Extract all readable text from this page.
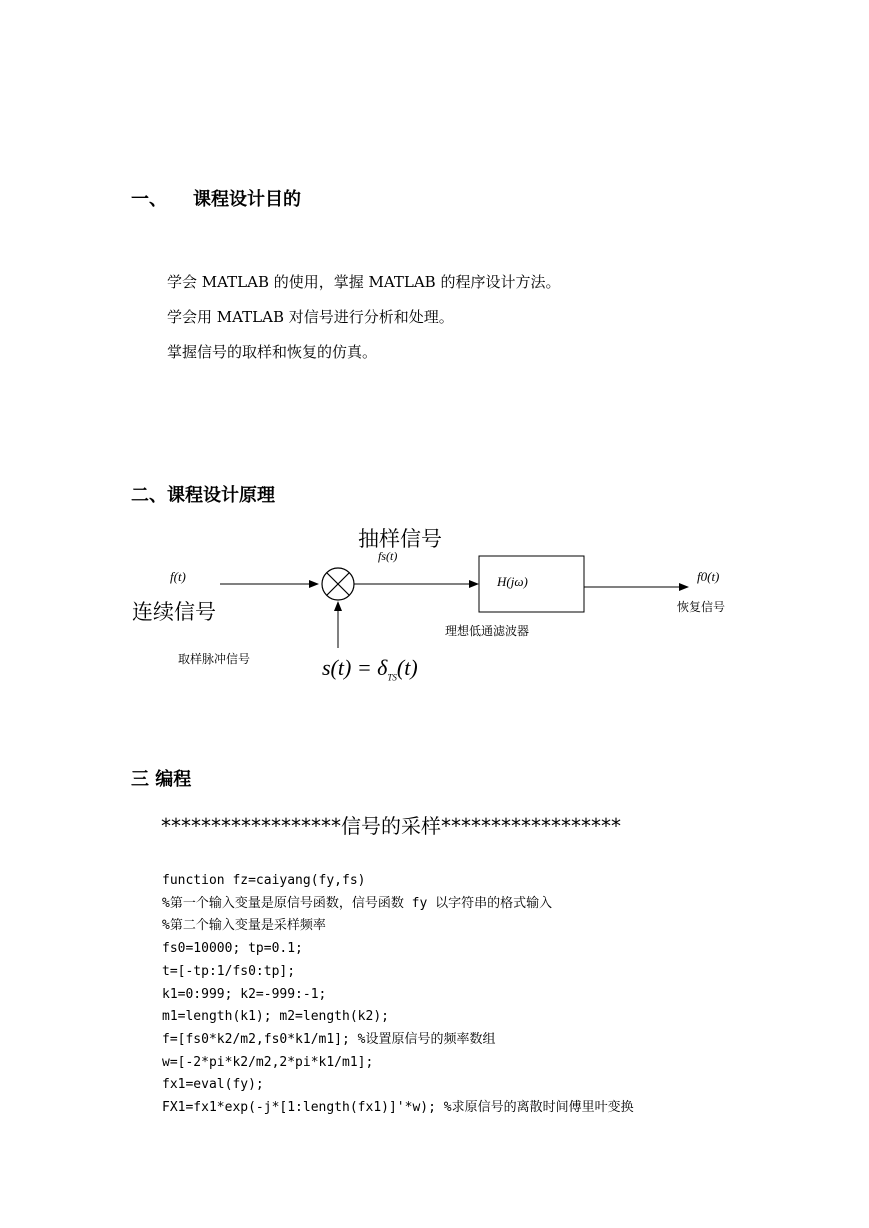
一、 课程设计目的
学会 MATLAB 的使用，掌握 MATLAB 的程序设计方法。
学会用 MATLAB 对信号进行分析和处理。
掌握信号的取样和恢复的仿真。
二、课程设计原理
抽样信号
fs(t)
f(t)
连续信号
H(jω)
理想低通滤波器
f0(t)
恢复信号
取样脉冲信号	$s(t) = \delta_{TS}(t)$
三 编程
******************信号的采样******************
function fz=caiyang(fy,fs)
%第一个输入变量是原信号函数，信号函数 fy 以字符串的格式输入
%第二个输入变量是采样频率
fs0=10000; tp=0.1;
t=[-tp:1/fs0:tp];
k1=0:999; k2=-999:-1;
m1=length(k1); m2=length(k2);
f=[fs0*k2/m2,fs0*k1/m1]; %设置原信号的频率数组
w=[-2*pi*k2/m2,2*pi*k1/m1];
fx1=eval(fy);
FX1=fx1*exp(-j*[1:length(fx1)]'*w); %求原信号的离散时间傅里叶变换
